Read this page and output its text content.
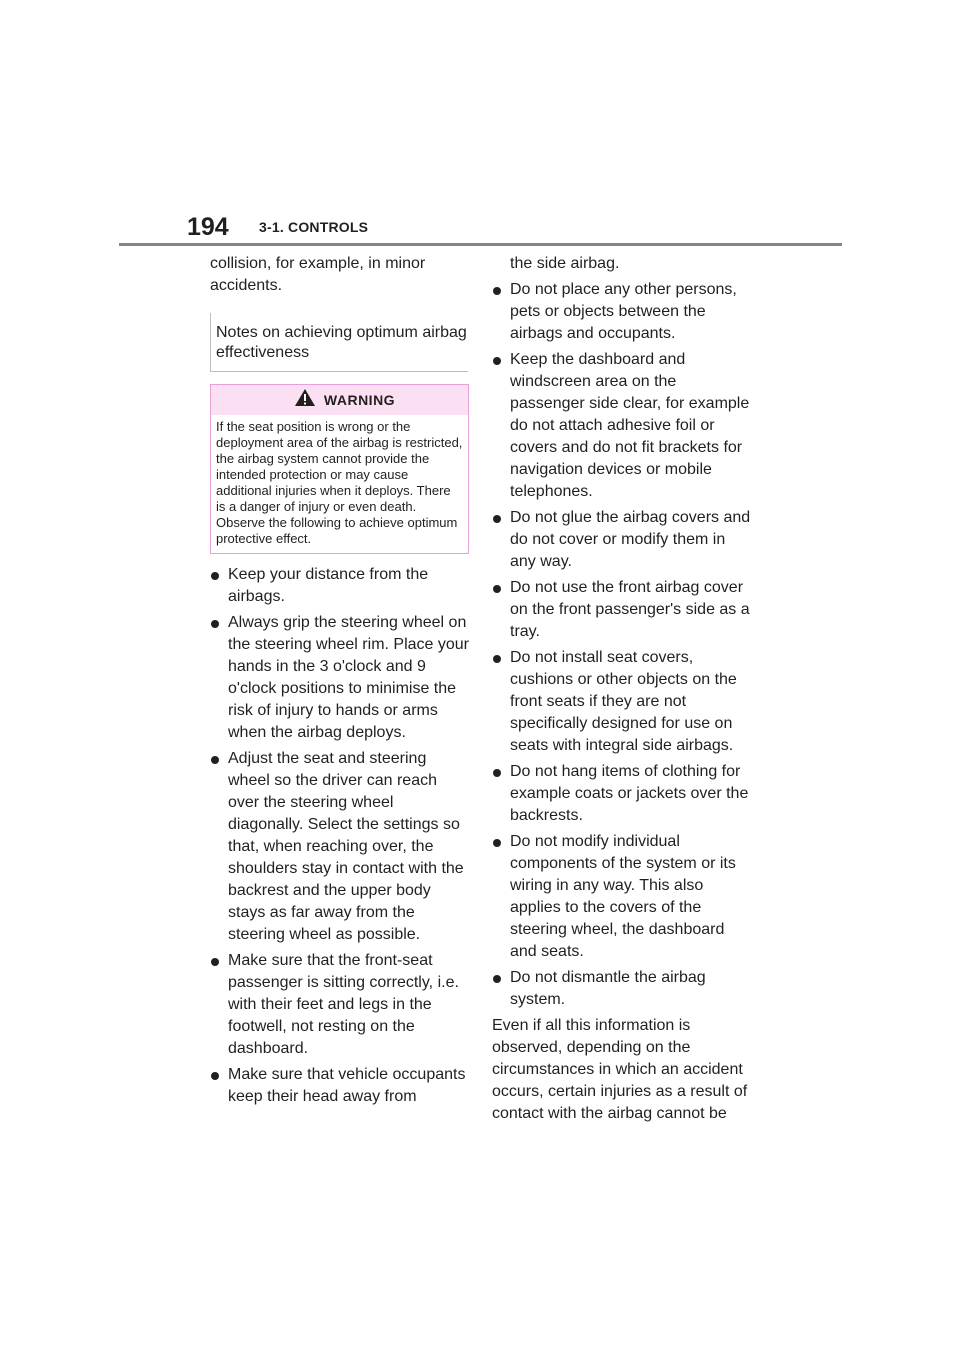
194 3-1. CONTROLS

collision, for example, in minor accidents.

Notes on achieving optimum airbag effectiveness
WARNING
If the seat position is wrong or the deployment area of the airbag is restricted, the airbag system cannot provide the intended protection or may cause additional injuries when it deploys. There is a danger of injury or even death. Observe the following to achieve optimum protective effect.
Keep your distance from the airbags.
Always grip the steering wheel on the steering wheel rim. Place your hands in the 3 o'clock and 9 o'clock positions to minimise the risk of injury to hands or arms when the airbag deploys.
Adjust the seat and steering wheel so the driver can reach over the steering wheel diagonally. Select the settings so that, when reaching over, the shoulders stay in contact with the backrest and the upper body stays as far away from the steering wheel as possible.
Make sure that the front-seat passenger is sitting correctly, i.e. with their feet and legs in the footwell, not resting on the dashboard.
Make sure that vehicle occupants keep their head away from

the side airbag.

Do not place any other persons, pets or objects between the airbags and occupants.
Keep the dashboard and windscreen area on the passenger side clear, for example do not attach adhesive foil or covers and do not fit brackets for navigation devices or mobile telephones.
Do not glue the airbag covers and do not cover or modify them in any way.
Do not use the front airbag cover on the front passenger's side as a tray.
Do not install seat covers, cushions or other objects on the front seats if they are not specifically designed for use on seats with integral side airbags.
Do not hang items of clothing for example coats or jackets over the backrests.
Do not modify individual components of the system or its wiring in any way. This also applies to the covers of the steering wheel, the dashboard and seats.
Do not dismantle the airbag system.

Even if all this information is observed, depending on the circumstances in which an accident occurs, certain injuries as a result of contact with the airbag cannot be
